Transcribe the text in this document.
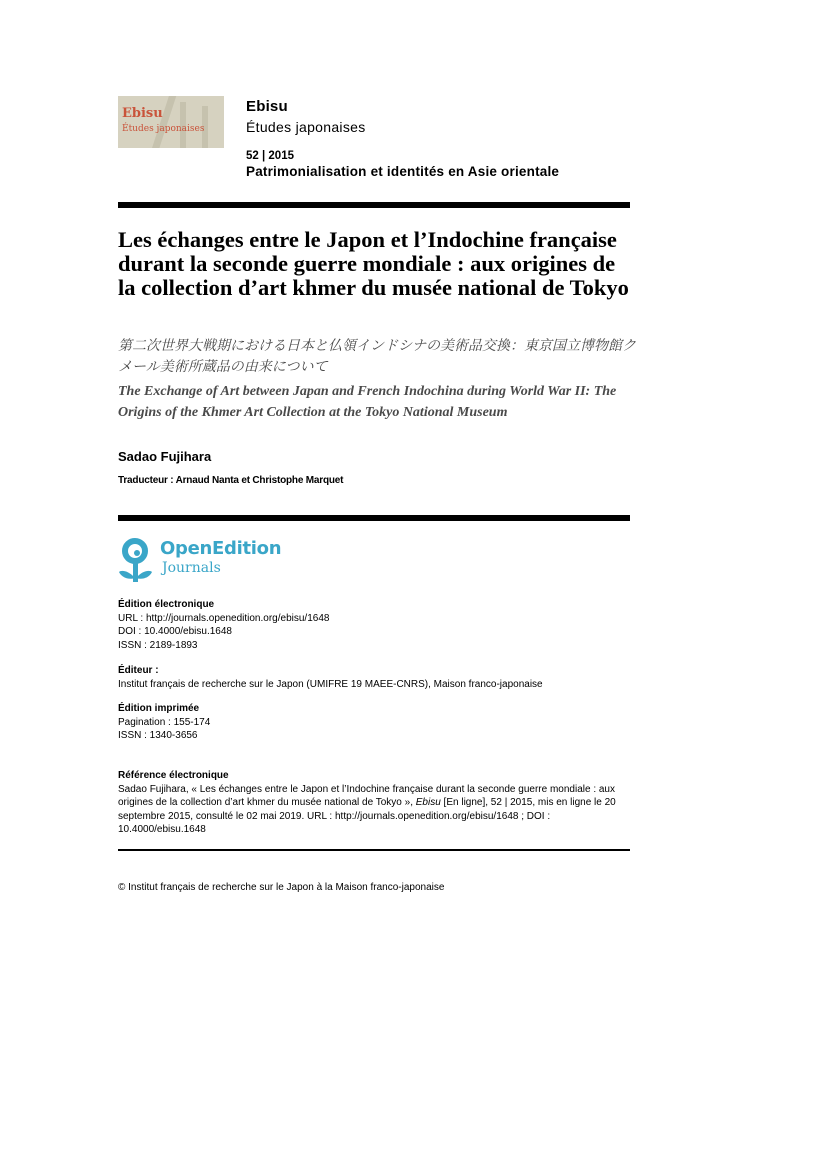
Ebisu
Études japonaises
Ebisu
Études japonaises
52 | 2015
Patrimonialisation et identités en Asie orientale
Les échanges entre le Japon et l’Indochine française durant la seconde guerre mondiale : aux origines de la collection d’art khmer du musée national de Tokyo
第二次世界大戦期における日本と仏領インドシナの美術品交換：東京国立博物館クメール美術所蔵品の由来について
The Exchange of Art between Japan and French Indochina during World War II: The Origins of the Khmer Art Collection at the Tokyo National Museum
Sadao Fujihara
Traducteur : Arnaud Nanta et Christophe Marquet
OpenEdition
Journals
Édition électronique
URL : http://journals.openedition.org/ebisu/1648
DOI : 10.4000/ebisu.1648
ISSN : 2189-1893
Éditeur :
Institut français de recherche sur le Japon (UMIFRE 19 MAEE-CNRS), Maison franco-japonaise
Édition imprimée
Pagination : 155-174
ISSN : 1340-3656
Référence électronique
Sadao Fujihara, « Les échanges entre le Japon et l’Indochine française durant la seconde guerre mondiale : aux origines de la collection d’art khmer du musée national de Tokyo », Ebisu [En ligne], 52 | 2015, mis en ligne le 20 septembre 2015, consulté le 02 mai 2019. URL : http://journals.openedition.org/ebisu/1648 ; DOI : 10.4000/ebisu.1648
© Institut français de recherche sur le Japon à la Maison franco-japonaise
